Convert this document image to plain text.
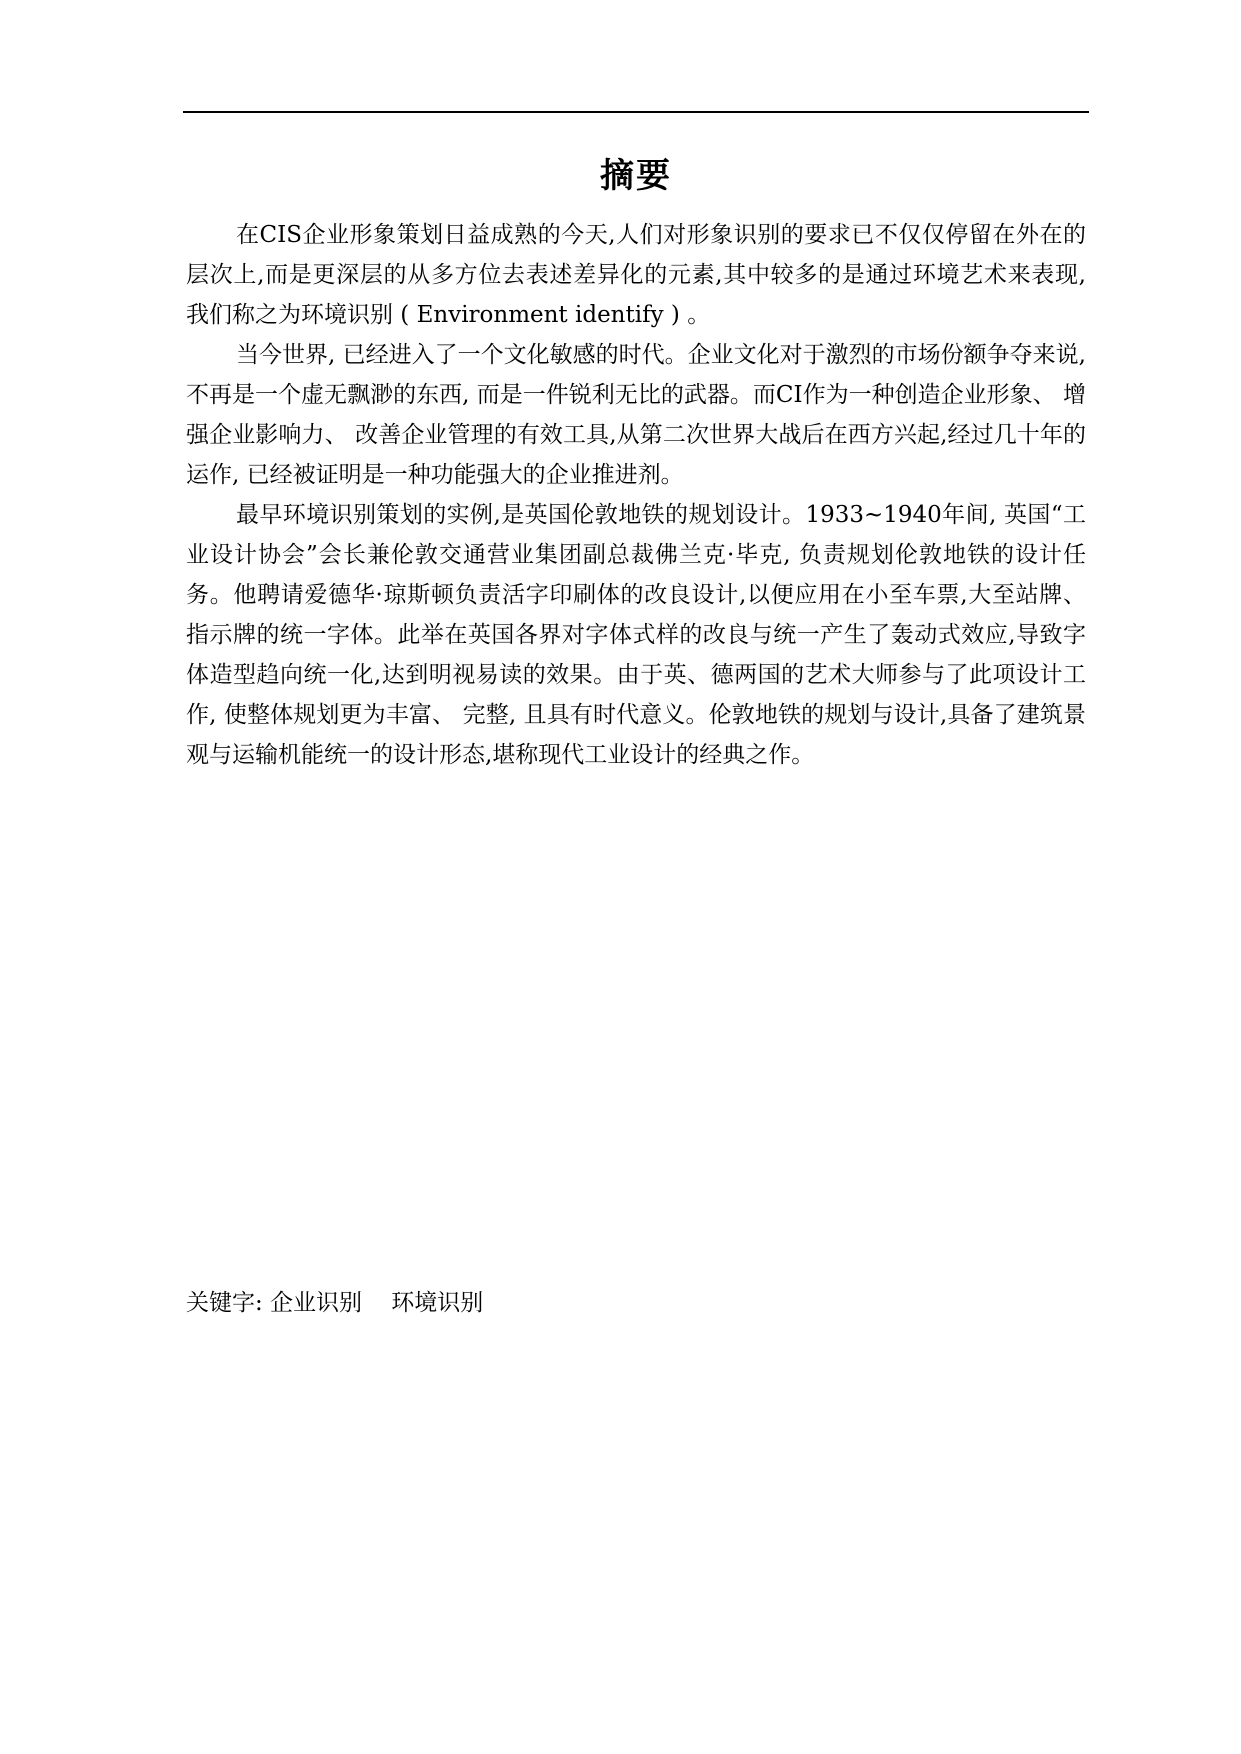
摘要

在CIS企业形象策划日益成熟的今天,人们对形象识别的要求已不仅仅停留在外在的层次上,而是更深层的从多方位去表述差异化的元素,其中较多的是通过环境艺术来表现, 我们称之为环境识别 ( Environment identify ) 。

当今世界, 已经进入了一个文化敏感的时代。企业文化对于激烈的市场份额争夺来说,不再是一个虚无飘渺的东西, 而是一件锐利无比的武器。而CI作为一种创造企业形象、 增强企业影响力、 改善企业管理的有效工具,从第二次世界大战后在西方兴起,经过几十年的运作, 已经被证明是一种功能强大的企业推进剂。

最早环境识别策划的实例,是英国伦敦地铁的规划设计。1933~1940年间, 英国“工业设计协会”会长兼伦敦交通营业集团副总裁佛兰克·毕克, 负责规划伦敦地铁的设计任务。他聘请爱德华·琼斯顿负责活字印刷体的改良设计,以便应用在小至车票,大至站牌、 指示牌的统一字体。此举在英国各界对字体式样的改良与统一产生了轰动式效应,导致字体造型趋向统一化,达到明视易读的效果。由于英、德两国的艺术大师参与了此项设计工作, 使整体规划更为丰富、 完整, 且具有时代意义。伦敦地铁的规划与设计,具备了建筑景观与运输机能统一的设计形态,堪称现代工业设计的经典之作。

关键字: 企业识别    环境识别
